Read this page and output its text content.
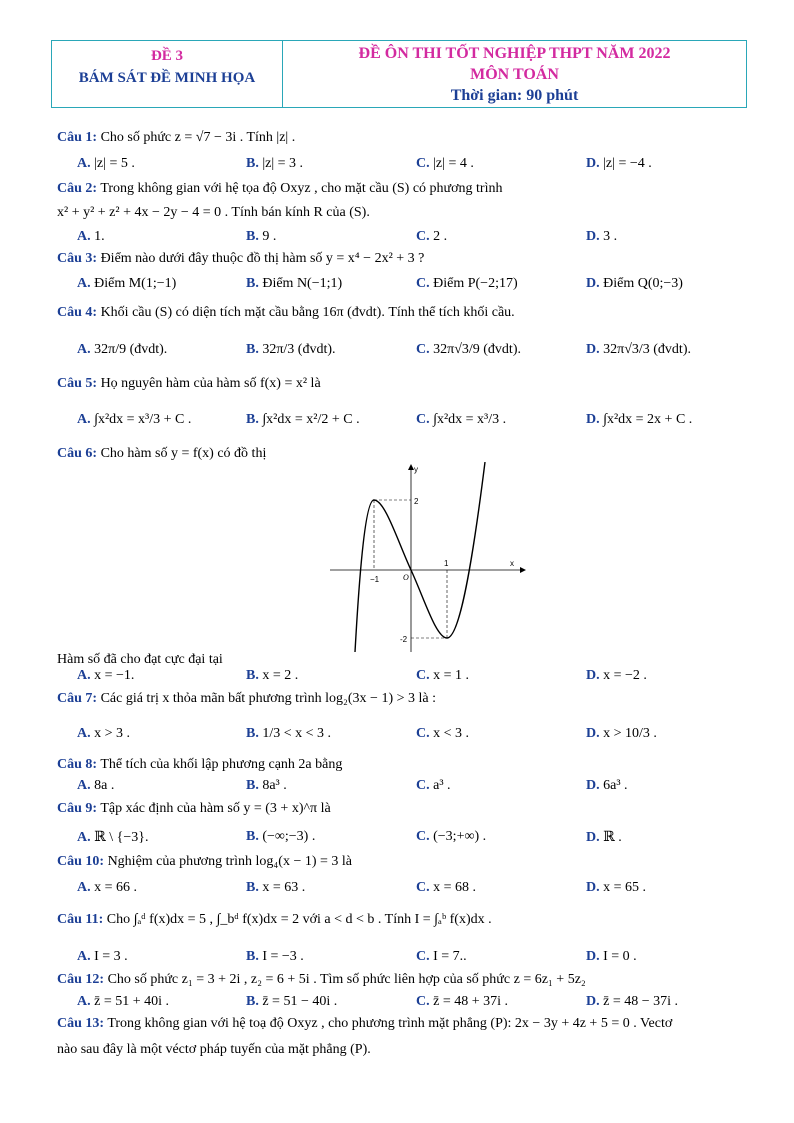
ĐỀ 3
BÁM SÁT ĐỀ MINH HỌA
ĐỀ ÔN THI TỐT NGHIỆP THPT NĂM 2022
MÔN TOÁN
Thời gian: 90 phút
Câu 1: Cho số phức z = √7 − 3i . Tính |z| .
A. |z| = 5 .	B. |z| = 3 .	C. |z| = 4 .	D. |z| = −4 .
Câu 2: Trong không gian với hệ tọa độ Oxyz , cho mặt cầu (S) có phương trình
x² + y² + z² + 4x − 2y − 4 = 0 . Tính bán kính R của (S).
A. 1.	B. 9 .	C. 2 .	D. 3 .
Câu 3: Điểm nào dưới đây thuộc đồ thị hàm số y = x⁴ − 2x² + 3 ?
A. Điểm M(1;−1)	B. Điểm N(−1;1)	C. Điểm P(−2;17)	D. Điểm Q(0;−3)
Câu 4: Khối cầu (S) có diện tích mặt cầu bằng 16π (đvdt). Tính thể tích khối cầu.
A. 32π/9 (đvdt).	B. 32π/3 (đvdt).	C. 32π√3/9 (đvdt).	D. 32π√3/3 (đvdt).
Câu 5: Họ nguyên hàm của hàm số f(x) = x² là
A. ∫x²dx = x³/3 + C .	B. ∫x²dx = x²/2 + C .	C. ∫x²dx = x³/3 .	D. ∫x²dx = 2x + C .
Câu 6: Cho hàm số y = f(x) có đồ thị
y
x
2
-2
−1
1
O
Hàm số đã cho đạt cực đại tại
A. x = −1.	B. x = 2 .	C. x = 1 .	D. x = −2 .
Câu 7: Các giá trị x thỏa mãn bất phương trình log₂(3x − 1) > 3 là :
A. x > 3 .	B. 1/3 < x < 3 .	C. x < 3 .	D. x > 10/3 .
Câu 8: Thể tích của khối lập phương cạnh 2a bằng
A. 8a .	B. 8a³ .	C. a³ .	D. 6a³ .
Câu 9: Tập xác định của hàm số y = (3 + x)^π là
A. ℝ \ {−3}.	B. (−∞;−3) .	C. (−3;+∞) .	D. ℝ .
Câu 10: Nghiệm của phương trình log₄(x − 1) = 3 là
A. x = 66 .	B. x = 63 .	C. x = 68 .	D. x = 65 .
Câu 11: Cho ∫ₐᵈ f(x)dx = 5 , ∫_bᵈ f(x)dx = 2 với a < d < b . Tính I = ∫ₐᵇ f(x)dx .
A. I = 3 .	B. I = −3 .	C. I = 7..	D. I = 0 .
Câu 12: Cho số phức z₁ = 3 + 2i , z₂ = 6 + 5i . Tìm số phức liên hợp của số phức z = 6z₁ + 5z₂
A. z̄ = 51 + 40i .	B. z̄ = 51 − 40i .	C. z̄ = 48 + 37i .	D. z̄ = 48 − 37i .
Câu 13: Trong không gian với hệ toạ độ Oxyz , cho phương trình mặt phẳng (P): 2x − 3y + 4z + 5 = 0 . Vectơ
nào sau đây là một véctơ pháp tuyến của mặt phẳng (P).
